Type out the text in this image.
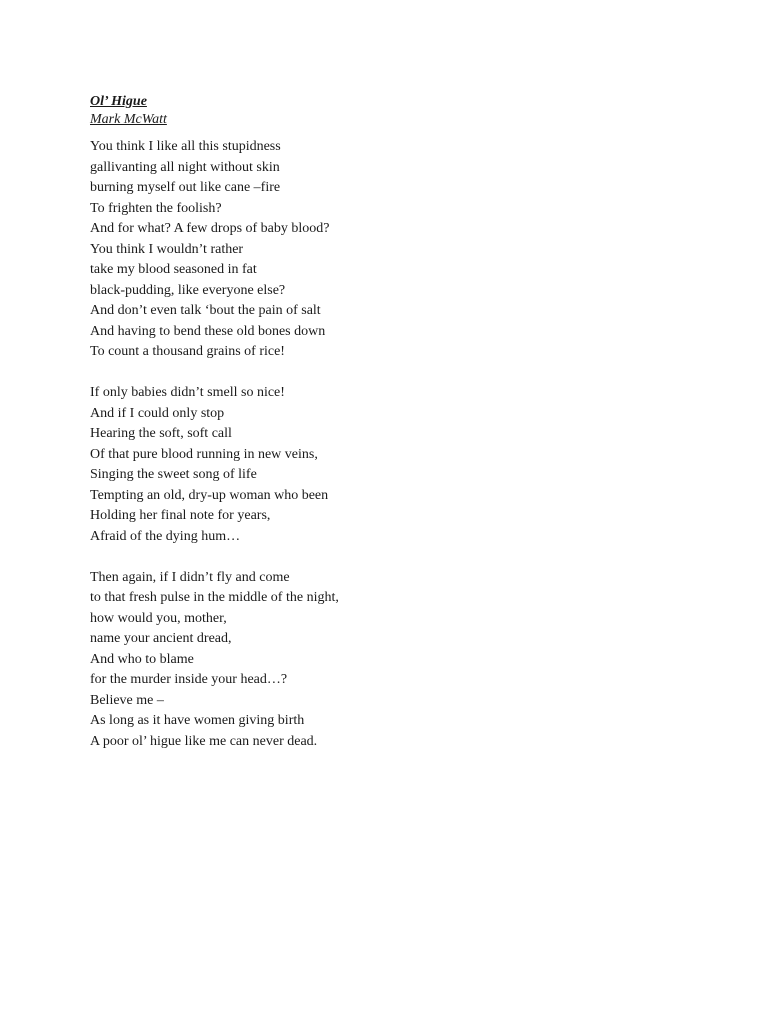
Ol’ Higue

Mark McWatt

You think I like all this stupidness
gallivanting all night without skin
burning myself out like cane –fire
To frighten the foolish?
And for what? A few drops of baby blood?
You think I wouldn’t rather
take my blood seasoned in fat
black-pudding, like everyone else?
And don’t even talk ‘bout the pain of salt
And having to bend these old bones down
To count a thousand grains of rice!
If only babies didn’t smell so nice!
And if I could only stop
Hearing the soft, soft call
Of that pure blood running in new veins,
Singing the sweet song of life
Tempting an old, dry-up woman who been
Holding her final note for years,
Afraid of the dying hum…
Then again, if I didn’t fly and come
to that fresh pulse in the middle of the night,
how would you, mother,
name your ancient dread,
And who to blame
for the murder inside your head…?
Believe me –
As long as it have women giving birth
A poor ol’ higue like me can never dead.
